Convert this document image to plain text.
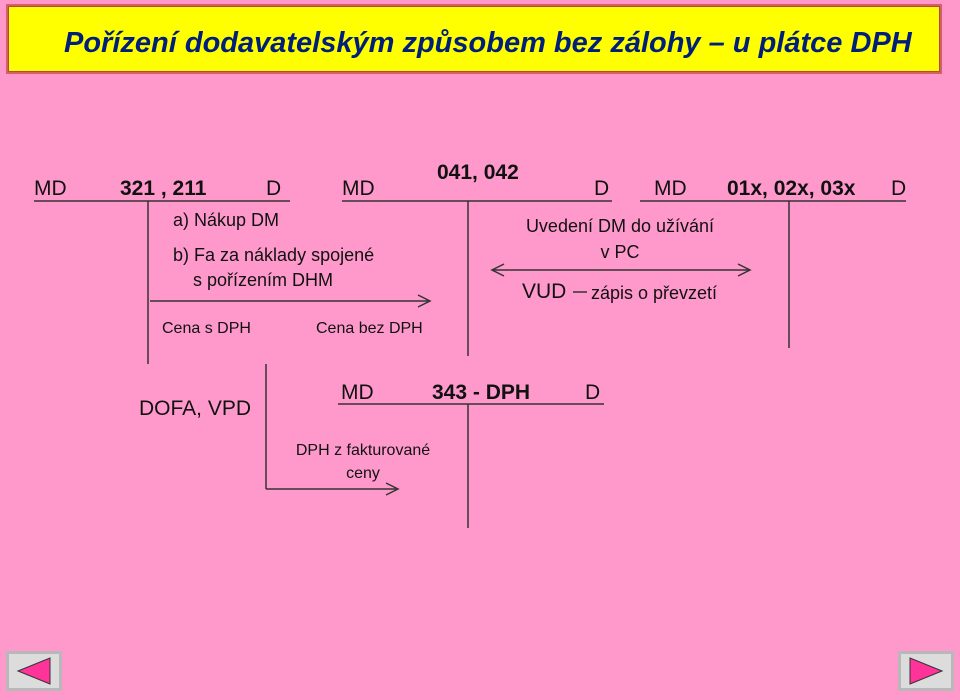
Pořízení dodavatelským způsobem bez zálohy – u plátce DPH
MD	321 , 211	D	MD
041, 042
D MD 01x, 02x, 03x D
a) Nákup DM
b) Fa za náklady spojené
s pořízením DHM
Cena s DPH	Cena bez DPH
Uvedení DM do užívání
v PC
VUD zápis o převzetí
DOFA, VPD
MD	343 - DPH	D
DPH z fakturované
ceny
